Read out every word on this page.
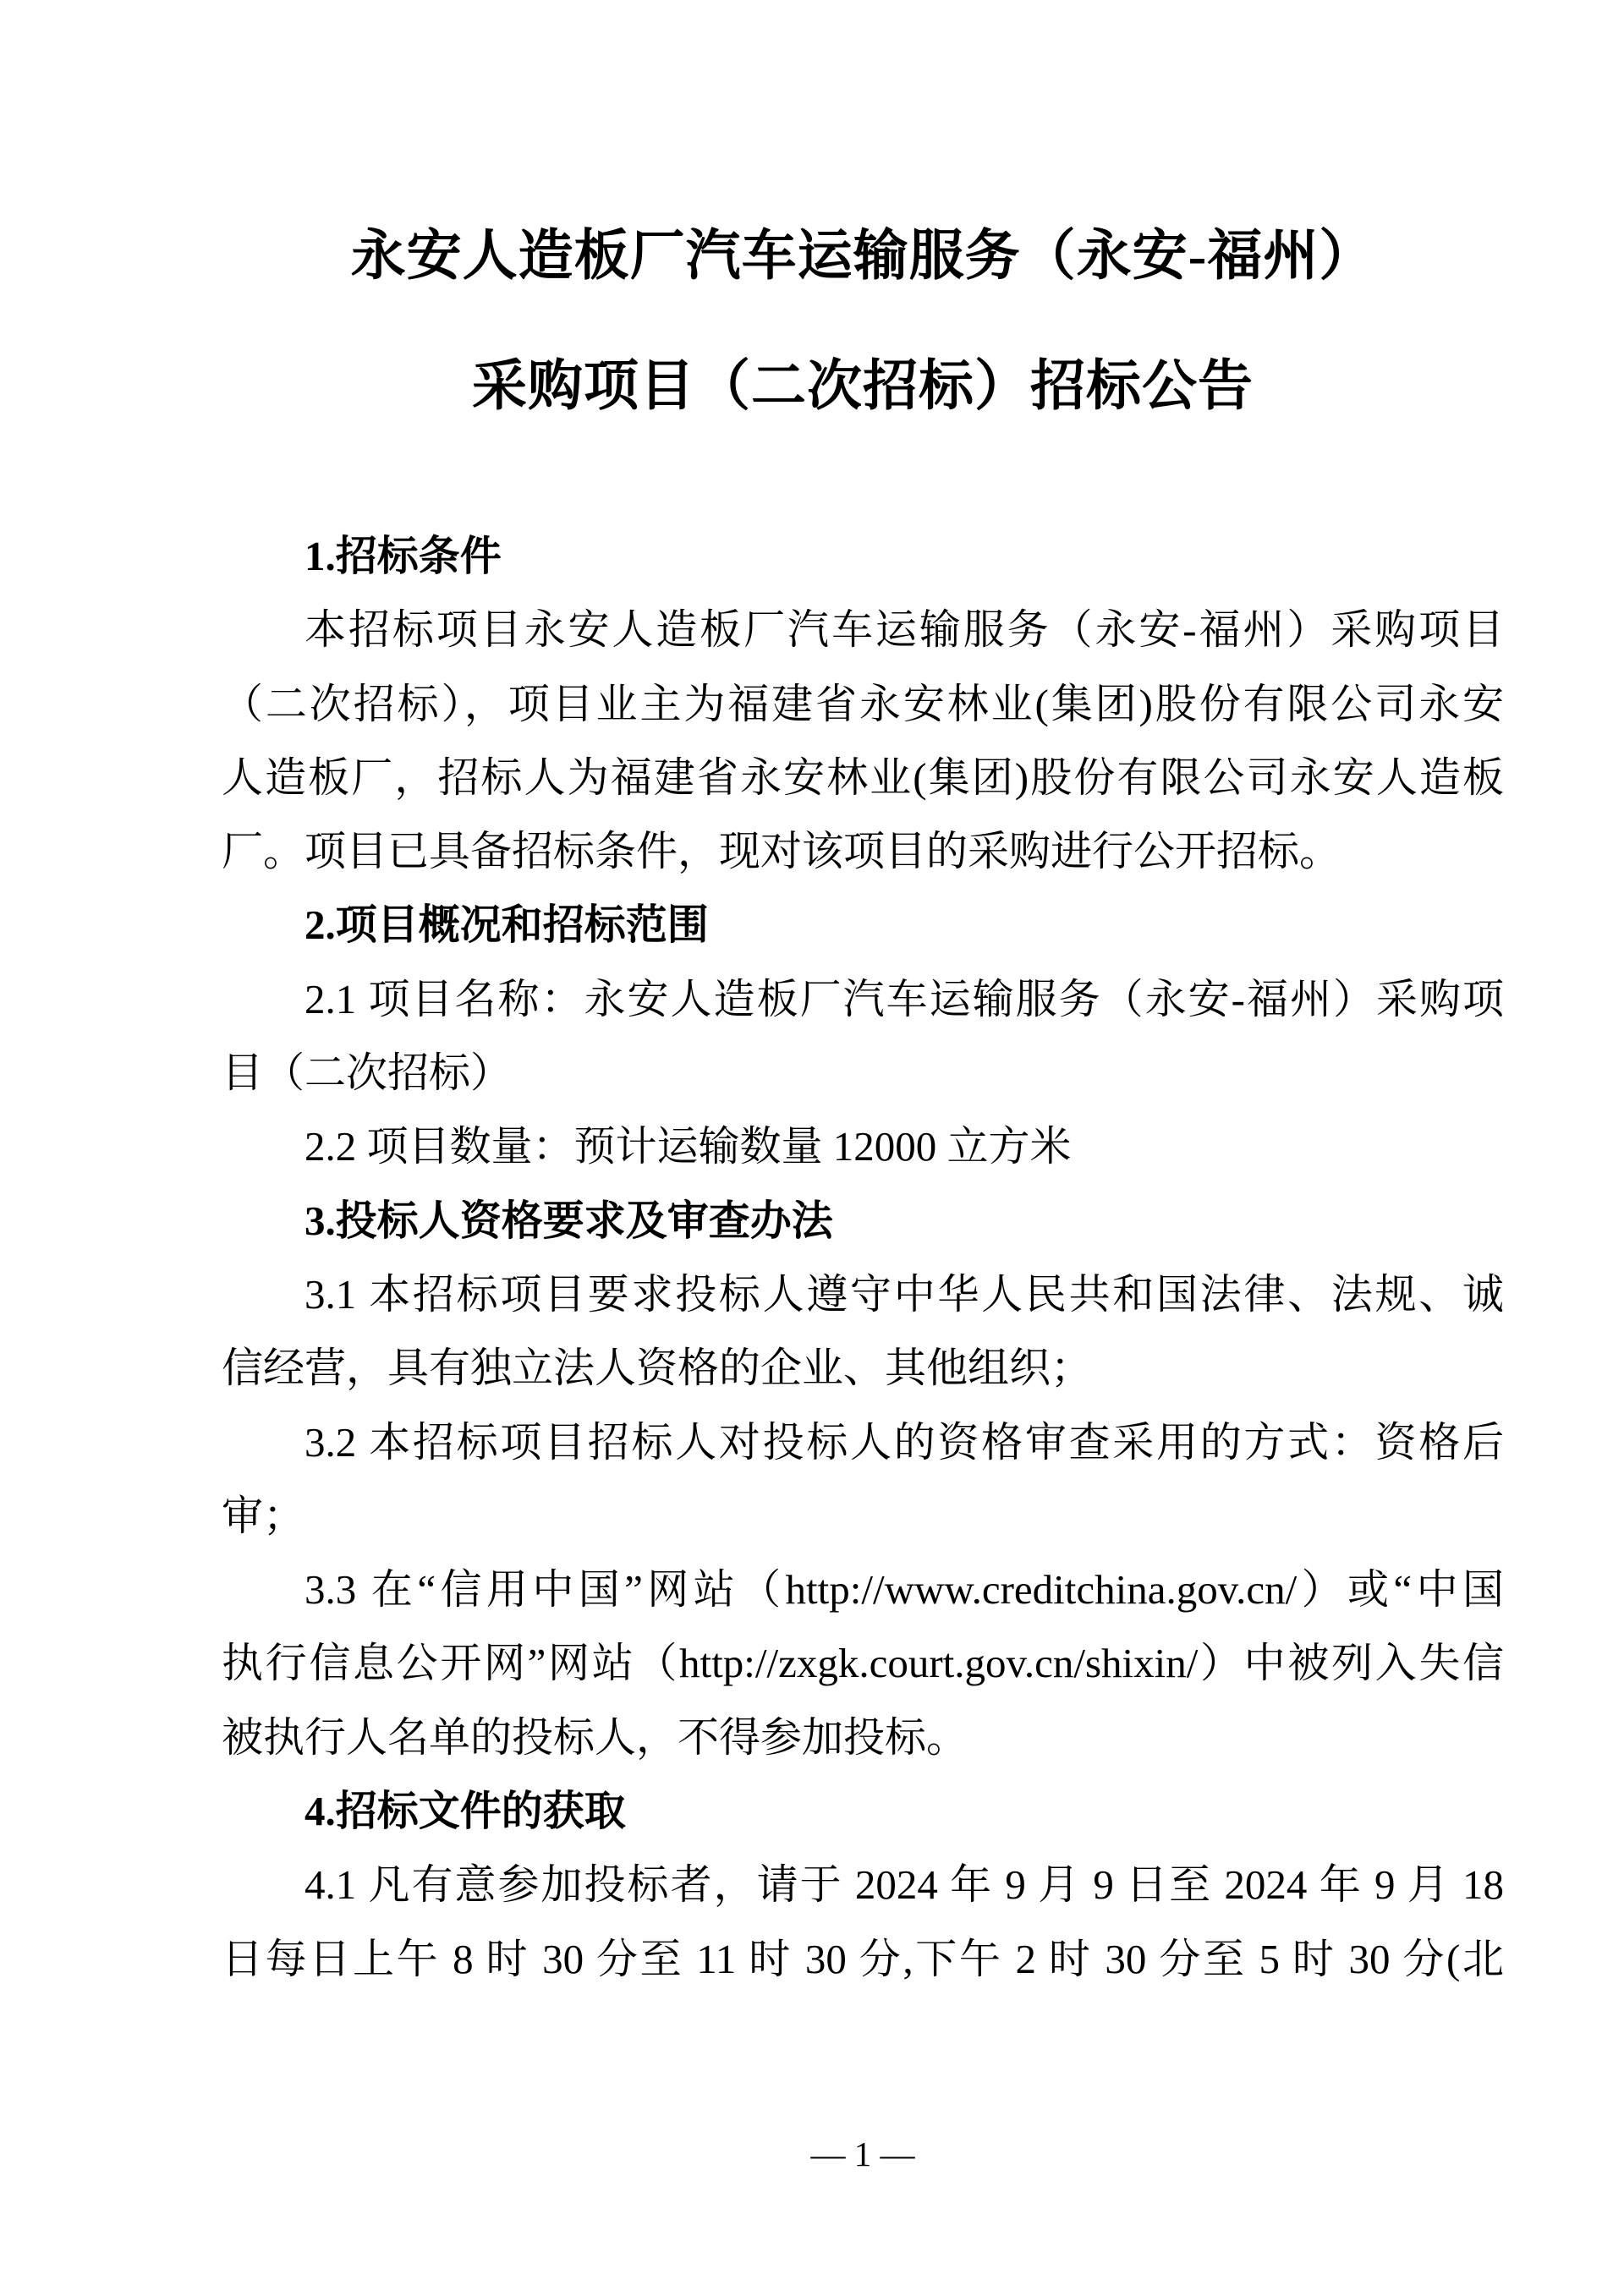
永安人造板厂汽车运输服务（永安-福州）
采购项目（二次招标）招标公告
1.招标条件
本招标项目永安人造板厂汽车运输服务（永安-福州）采购项目
（二次招标），项目业主为福建省永安林业(集团)股份有限公司永安
人造板厂，招标人为福建省永安林业(集团)股份有限公司永安人造板
厂。项目已具备招标条件，现对该项目的采购进行公开招标。
2.项目概况和招标范围
2.1 项目名称：永安人造板厂汽车运输服务（永安-福州）采购项
目（二次招标）
2.2 项目数量：预计运输数量 12000 立方米
3.投标人资格要求及审查办法
3.1 本招标项目要求投标人遵守中华人民共和国法律、法规、诚
信经营，具有独立法人资格的企业、其他组织；
3.2 本招标项目招标人对投标人的资格审查采用的方式：资格后
审；
3.3 在“信用中国”网站（http://www.creditchina.gov.cn/）或“中国
执行信息公开网”网站（http://zxgk.court.gov.cn/shixin/）中被列入失信
被执行人名单的投标人，不得参加投标。
4.招标文件的获取
4.1 凡有意参加投标者，请于 2024 年 9 月 9 日至 2024 年 9 月 18
日每日上午 8 时 30 分至 11 时 30 分,下午 2 时 30 分至 5 时 30 分(北
— 1 —
